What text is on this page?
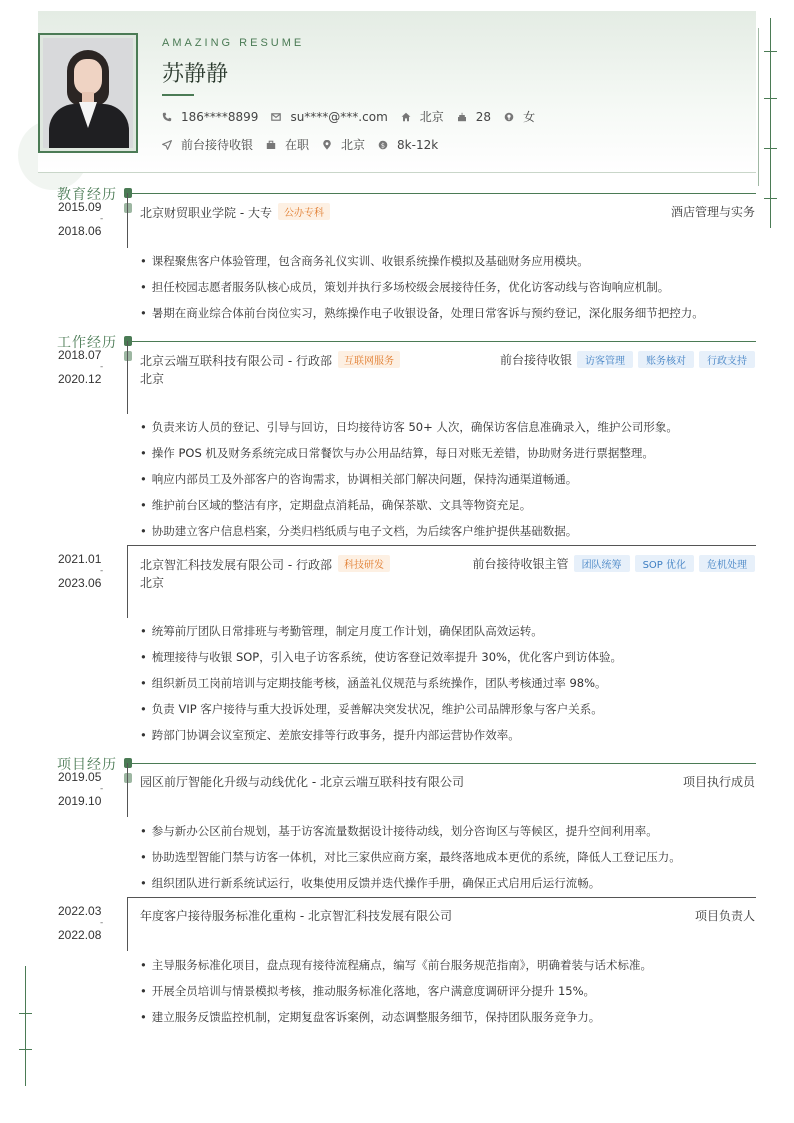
AMAZING RESUME
苏静静
186****8899	su****@***.com	北京	28	女
前台接待收银	在职	北京 $ 8k-12k
教育经历
2015.09
-
2018.06
北京财贸职业学院 - 大专 公办专科	酒店管理与实务
• 课程聚焦客户体验管理，包含商务礼仪实训、收银系统操作模拟及基础财务应用模块。
• 担任校园志愿者服务队核心成员，策划并执行多场校级会展接待任务，优化访客动线与咨询响应机制。
• 暑期在商业综合体前台岗位实习，熟练操作电子收银设备，处理日常客诉与预约登记，深化服务细节把控力。
工作经历
2018.07
-
2020.12
北京云端互联科技有限公司 - 行政部 互联网服务	前台接待收银	访客管理	账务核对	行政支持
北京
• 负责来访人员的登记、引导与回访，日均接待访客 50+ 人次，确保访客信息准确录入，维护公司形象。
• 操作 POS 机及财务系统完成日常餐饮与办公用品结算，每日对账无差错，协助财务进行票据整理。
• 响应内部员工及外部客户的咨询需求，协调相关部门解决问题，保持沟通渠道畅通。
• 维护前台区域的整洁有序，定期盘点消耗品，确保茶歇、文具等物资充足。
• 协助建立客户信息档案，分类归档纸质与电子文档，为后续客户维护提供基础数据。
2021.01
-
2023.06
北京智汇科技发展有限公司 - 行政部 科技研发	前台接待收银主管	团队统筹	SOP 优化	危机处理
北京
• 统筹前厅团队日常排班与考勤管理，制定月度工作计划，确保团队高效运转。
• 梳理接待与收银 SOP，引入电子访客系统，使访客登记效率提升 30%，优化客户到访体验。
• 组织新员工岗前培训与定期技能考核，涵盖礼仪规范与系统操作，团队考核通过率 98%。
• 负责 VIP 客户接待与重大投诉处理，妥善解决突发状况，维护公司品牌形象与客户关系。
• 跨部门协调会议室预定、差旅安排等行政事务，提升内部运营协作效率。
项目经历
2019.05
-
2019.10
园区前厅智能化升级与动线优化 - 北京云端互联科技有限公司	项目执行成员
• 参与新办公区前台规划，基于访客流量数据设计接待动线，划分咨询区与等候区，提升空间利用率。
• 协助选型智能门禁与访客一体机，对比三家供应商方案，最终落地成本更优的系统，降低人工登记压力。
• 组织团队进行新系统试运行，收集使用反馈并迭代操作手册，确保正式启用后运行流畅。
2022.03
-
2022.08
年度客户接待服务标准化重构 - 北京智汇科技发展有限公司	项目负责人
• 主导服务标准化项目，盘点现有接待流程痛点，编写《前台服务规范指南》，明确着装与话术标准。
• 开展全员培训与情景模拟考核，推动服务标准化落地，客户满意度调研评分提升 15%。
• 建立服务反馈监控机制，定期复盘客诉案例，动态调整服务细节，保持团队服务竞争力。
